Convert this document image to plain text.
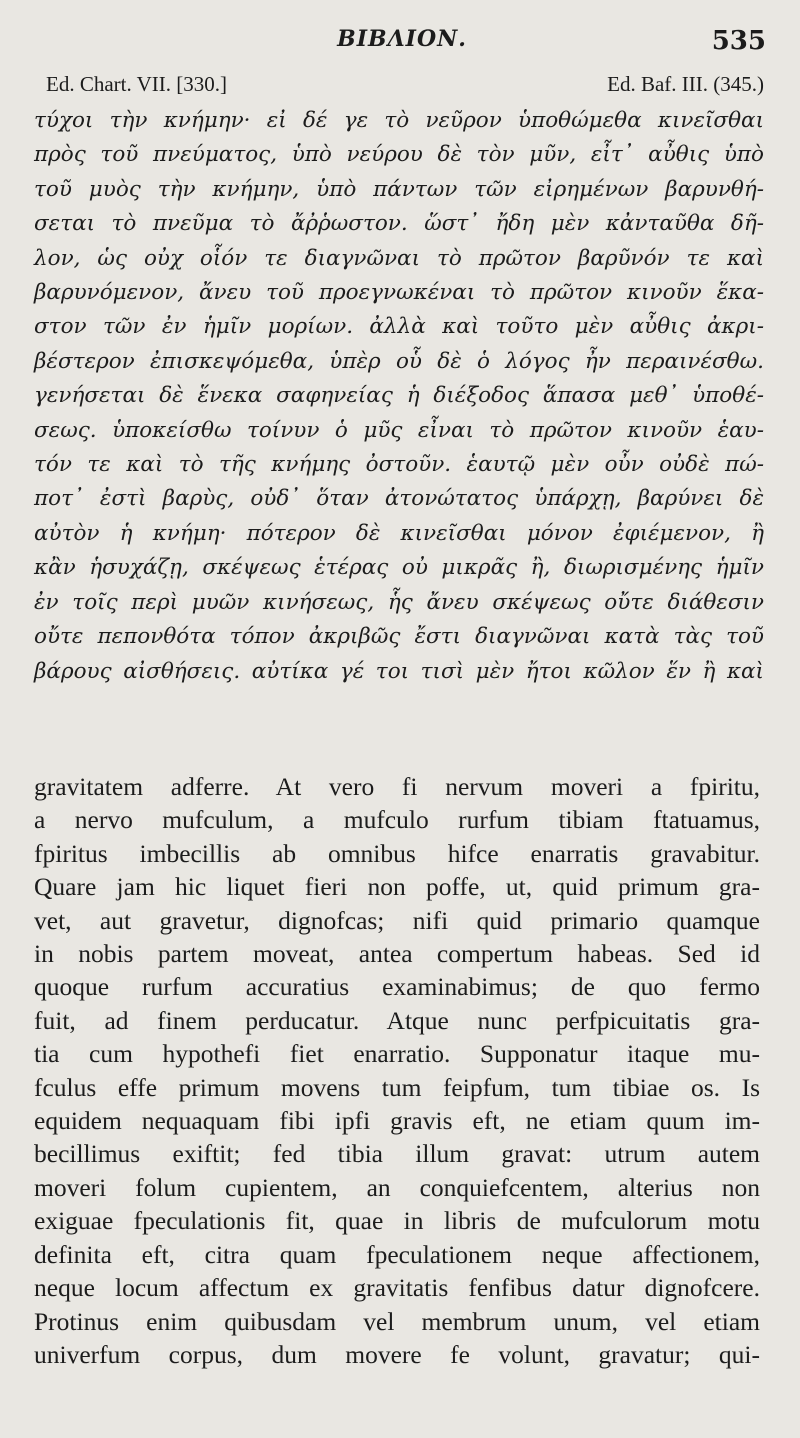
BIBΛΙΟΝ.	535
Ed. Chart. VII. [330.]	Ed. Baf. III. (345.)
τύχοι τὴν κνήμην· εἰ δέ γε τὸ νεῦρον ὑποθώμεθα κινεῖσθαι
πρὸς τοῦ πνεύματος, ὑπὸ νεύρου δὲ τὸν μῦν, εἶτ᾽ αὖθις ὑπὸ
τοῦ μυὸς τὴν κνήμην, ὑπὸ πάντων τῶν εἰρημένων βαρυνθή-
σεται τὸ πνεῦμα τὸ ἄῤῥωστον. ὥστ᾽ ἤδη μὲν κἀνταῦθα δῆ-
λον, ὡς οὐχ οἷόν τε διαγνῶναι τὸ πρῶτον βαρῦνόν τε καὶ
βαρυνόμενον, ἄνευ τοῦ προεγνωκέναι τὸ πρῶτον κινοῦν ἕκα-
στον τῶν ἐν ἡμῖν μορίων. ἀλλὰ καὶ τοῦτο μὲν αὖθις ἀκρι-
βέστερον ἐπισκεψόμεθα, ὑπὲρ οὗ δὲ ὁ λόγος ἦν περαινέσθω.
γενήσεται δὲ ἕνεκα σαφηνείας ἡ διέξοδος ἅπασα μεθ᾽ ὑποθέ-
σεως. ὑποκείσθω τοίνυν ὁ μῦς εἶναι τὸ πρῶτον κινοῦν ἑαυ-
τόν τε καὶ τὸ τῆς κνήμης ὀστοῦν. ἑαυτῷ μὲν οὖν οὐδὲ πώ-
ποτ᾽ ἐστὶ βαρὺς, οὐδ᾽ ὅταν ἀτονώτατος ὑπάρχῃ, βαρύνει δὲ
αὐτὸν ἡ κνήμη· πότερον δὲ κινεῖσθαι μόνον ἐφιέμενον, ἢ
κἂν ἡσυχάζῃ, σκέψεως ἑτέρας οὐ μικρᾶς ἢ, διωρισμένης ἡμῖν
ἐν τοῖς περὶ μυῶν κινήσεως, ἧς ἄνευ σκέψεως οὔτε διάθεσιν
οὔτε πεπονθότα τόπον ἀκριβῶς ἔστι διαγνῶναι κατὰ τὰς τοῦ
βάρους αἰσθήσεις. αὐτίκα γέ τοι τισὶ μὲν ἤτοι κῶλον ἕν ἢ καὶ
gravitatem adferre. At vero fi nervum moveri a fpiritu,
a nervo mufculum, a mufculo rurfum tibiam ftatuamus,
fpiritus imbecillis ab omnibus hifce enarratis gravabitur.
Quare jam hic liquet fieri non poffe, ut, quid primum gra-
vet, aut gravetur, dignofcas; nifi quid primario quamque
in nobis partem moveat, antea compertum habeas. Sed id
quoque rurfum accuratius examinabimus; de quo fermo
fuit, ad finem perducatur. Atque nunc perfpicuitatis gra-
tia cum hypothefi fiet enarratio. Supponatur itaque mu-
fculus effe primum movens tum feipfum, tum tibiae os. Is
equidem nequaquam fibi ipfi gravis eft, ne etiam quum im-
becillimus exiftit; fed tibia illum gravat: utrum autem
moveri folum cupientem, an conquiefcentem, alterius non
exiguae fpeculationis fit, quae in libris de mufculorum motu
definita eft, citra quam fpeculationem neque affectionem,
neque locum affectum ex gravitatis fenfibus datur dignofcere.
Protinus enim quibusdam vel membrum unum, vel etiam
univerfum corpus, dum movere fe volunt, gravatur; qui-
